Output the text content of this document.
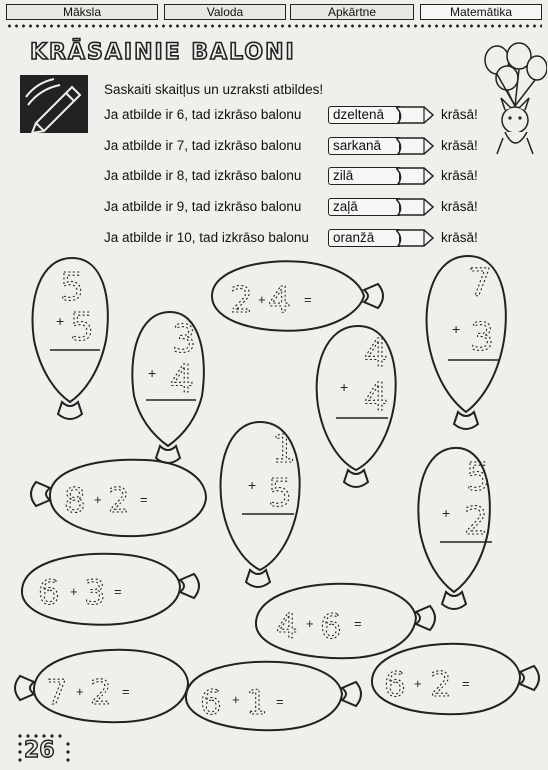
Māksla	Valoda	Apkārtne	Matemātika
KRĀSAINIE BALONI
Saskaiti skaitļus un uzraksti atbildes!
Ja atbilde ir 6, tad izkrāso balonu	dzeltenā	krāsā!
Ja atbilde ir 7, tad izkrāso balonu	sarkanā	krāsā!
Ja atbilde ir 8, tad izkrāso balonu	zilā	krāsā!
Ja atbilde ir 9, tad izkrāso balonu	zaļā	krāsā!
Ja atbilde ir 10, tad izkrāso balonu	oranžā	krāsā!
5
+ 5
7
+ 3
3
+ 4
4
+ 4
1
+ 5	5
+ 2
2 + 4 =
8 + 2 =
6 + 3 =
4 + 6 =
7 + 2 = 6 + 1 =	6 + 2 =
26
